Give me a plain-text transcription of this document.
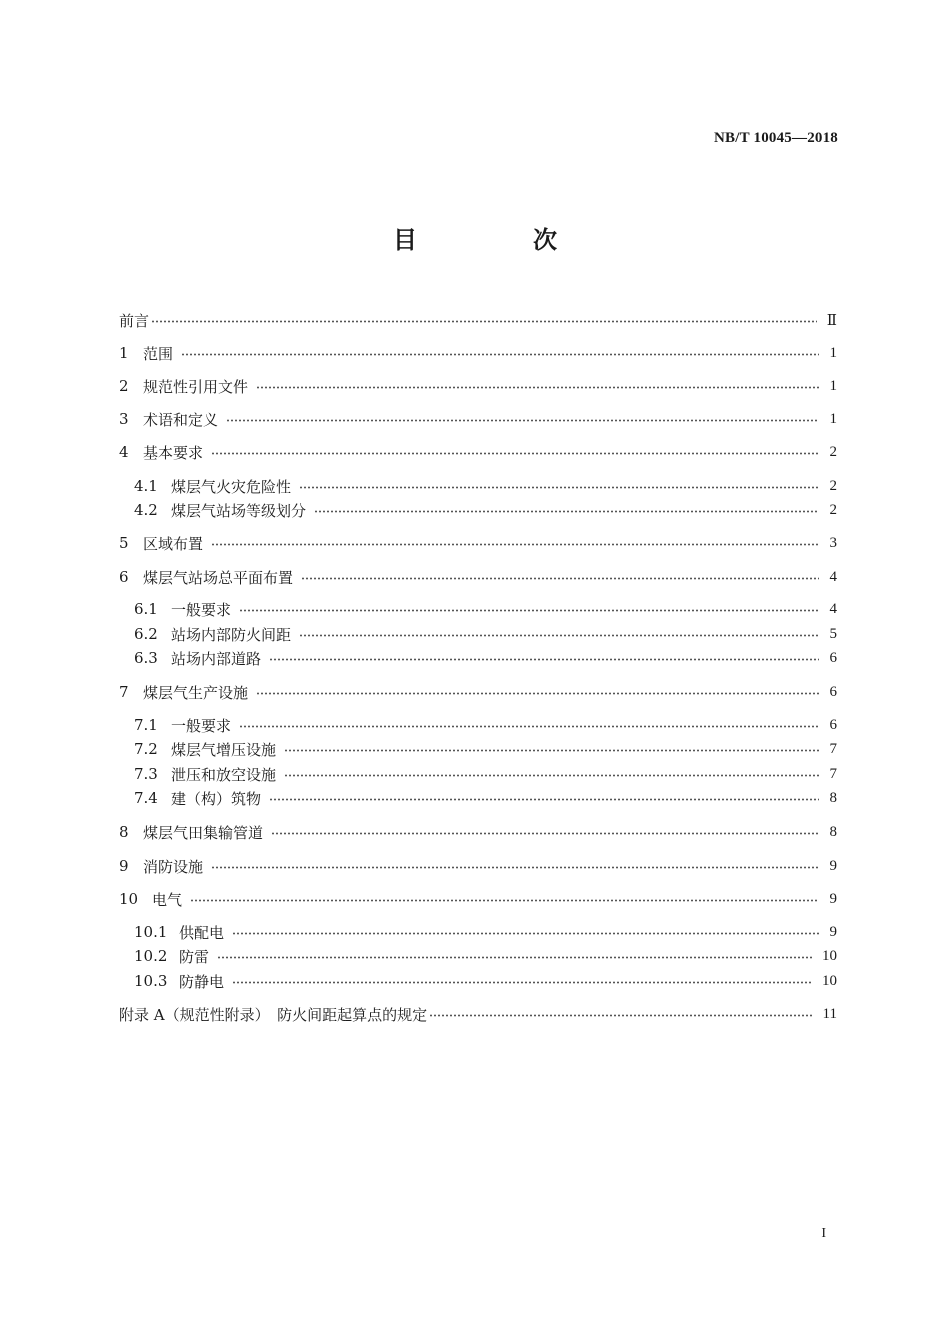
NB/T 10045—2018
目　次
前言	Ⅱ
1 范围	1
2 规范性引用文件	1
3 术语和定义	1
4 基本要求	2
4.1 煤层气火灾危险性	2
4.2 煤层气站场等级划分	2
5 区域布置	3
6 煤层气站场总平面布置	4
6.1 一般要求	4
6.2 站场内部防火间距	5
6.3 站场内部道路	6
7 煤层气生产设施	6
7.1 一般要求	6
7.2 煤层气增压设施	7
7.3 泄压和放空设施	7
7.4 建（构）筑物	8
8 煤层气田集输管道	8
9 消防设施	9
10 电气	9
10.1 供配电	9
10.2 防雷	10
10.3 防静电	10
附录 A（规范性附录）　防火间距起算点的规定	11
I
